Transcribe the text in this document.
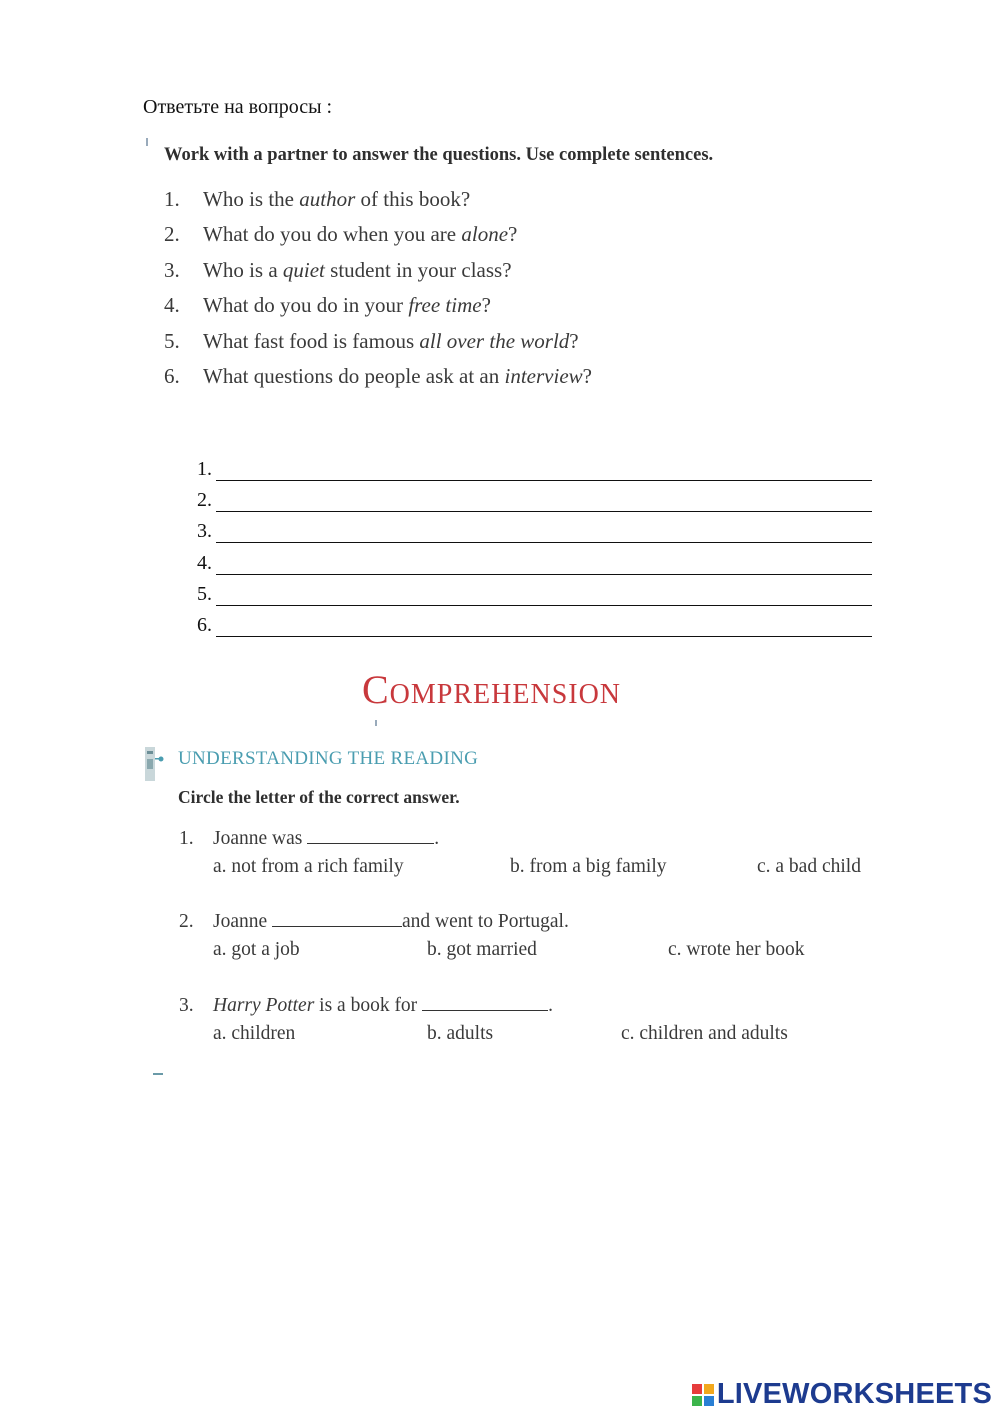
Ответьте на вопросы :
Work with a partner to answer the questions. Use complete sentences.
1. Who is the author of this book?
2. What do you do when you are alone?
3. Who is a quiet student in your class?
4. What do you do in your free time?
5. What fast food is famous all over the world?
6. What questions do people ask at an interview?
1.
2.
3.
4.
5.
6.
Comprehension
UNDERSTANDING THE READING
Circle the letter of the correct answer.
1. Joanne was	.
a. not from a rich family	b. from a big family	c. a bad child
2. Joanne	and went to Portugal.
a. got a job	b. got married	c. wrote her book
3. Harry Potter is a book for	.
a. children	b. adults	c. children and adults
LIVEWORKSHEETS
